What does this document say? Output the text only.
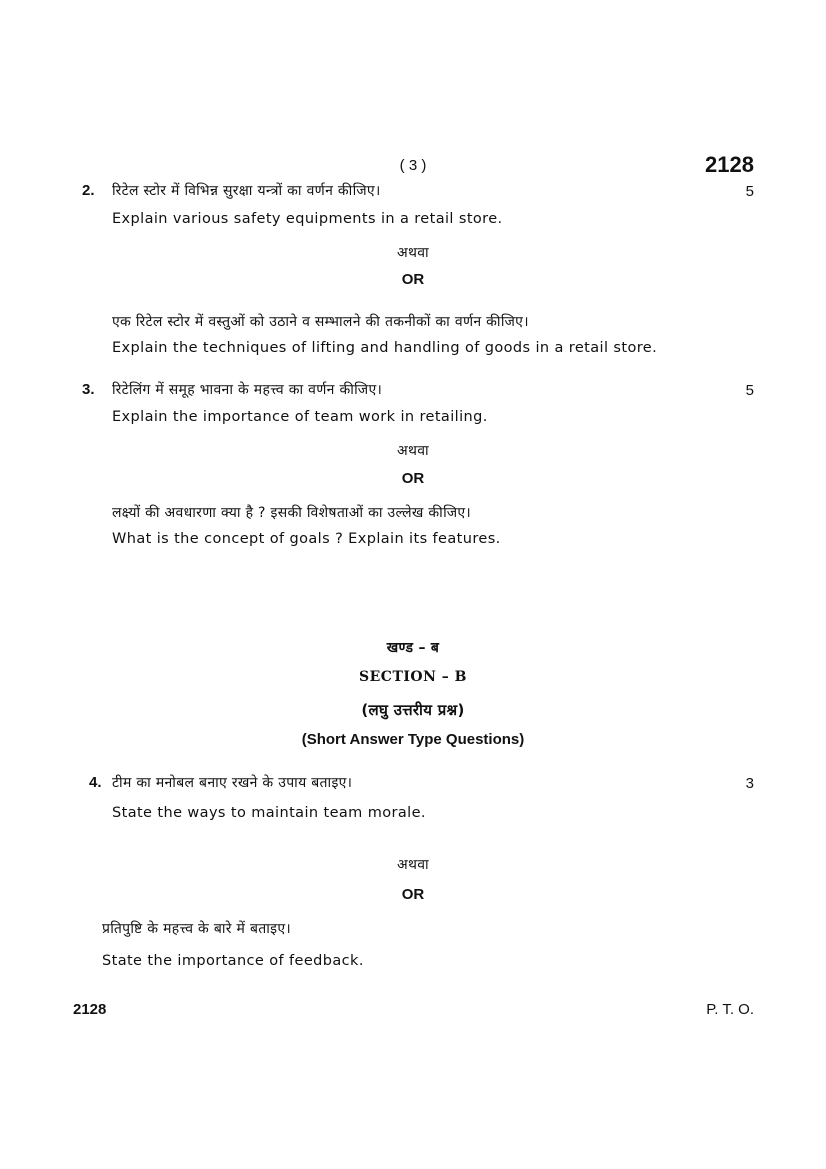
( 3 )	2128
2. रिटेल स्टोर में विभिन्न सुरक्षा यन्त्रों का वर्णन कीजिए।	5
Explain various safety equipments in a retail store.
अथवा
OR
एक रिटेल स्टोर में वस्तुओं को उठाने व सम्भालने की तकनीकों का वर्णन कीजिए।
Explain the techniques of lifting and handling of goods in a retail store.
3. रिटेलिंग में समूह भावना के महत्त्व का वर्णन कीजिए।	5
Explain the importance of team work in retailing.
अथवा
OR
लक्ष्यों की अवधारणा क्या है ? इसकी विशेषताओं का उल्लेख कीजिए।
What is the concept of goals ? Explain its features.
खण्ड – ब
SECTION – B
(लघु उत्तरीय प्रश्न)
(Short Answer Type Questions)
4. टीम का मनोबल बनाए रखने के उपाय बताइए।	3
State the ways to maintain team morale.
अथवा
OR
प्रतिपुष्टि के महत्त्व के बारे में बताइए।
State the importance of feedback.
2128	P. T. O.
